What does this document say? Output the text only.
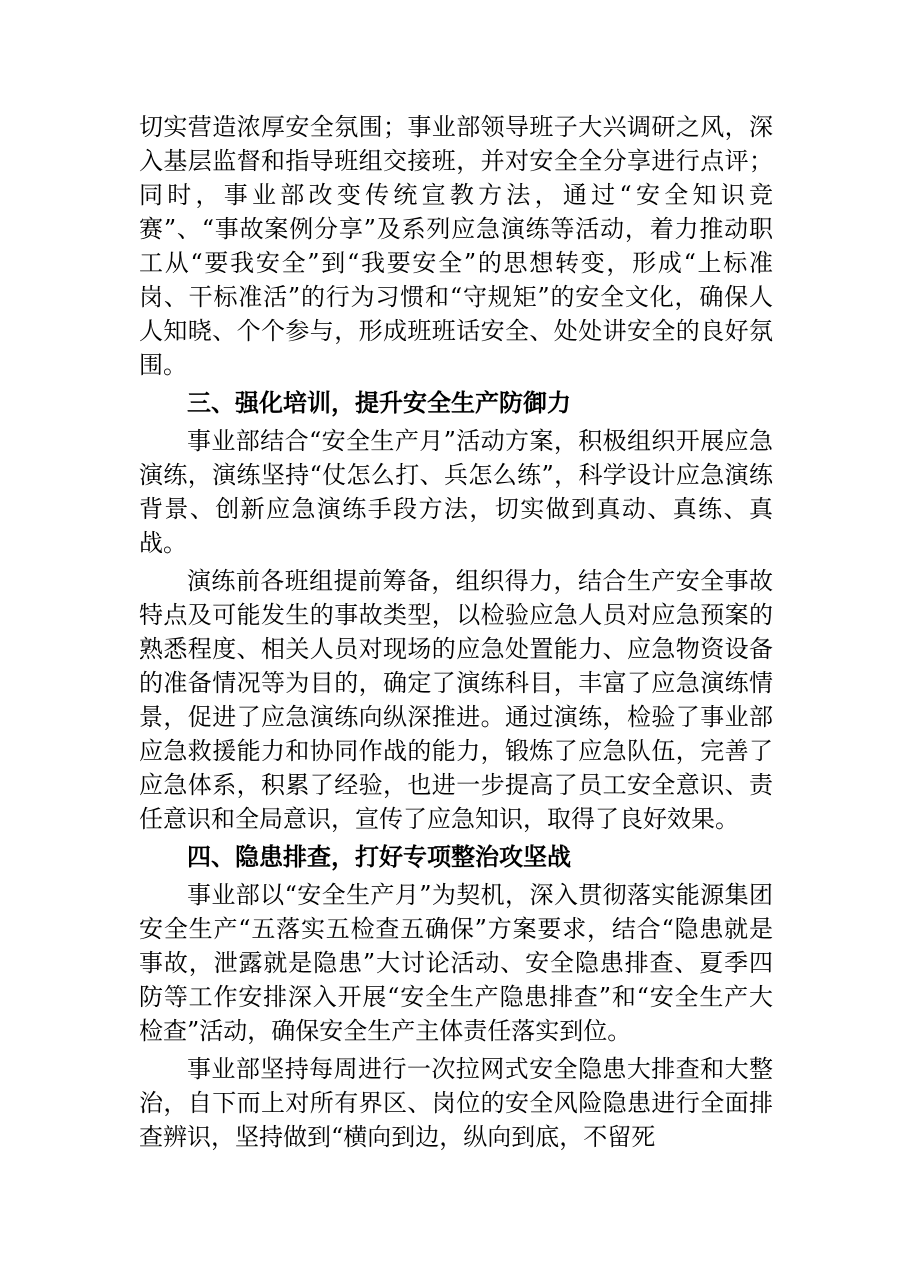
切实营造浓厚安全氛围；事业部领导班子大兴调研之风，深入基层监督和指导班组交接班，并对安全全分享进行点评；同时，事业部改变传统宣教方法，通过“安全知识竞赛”、“事故案例分享”及系列应急演练等活动，着力推动职工从“要我安全”到“我要安全”的思想转变，形成“上标准岗、干标准活”的行为习惯和“守规矩”的安全文化，确保人人知晓、个个参与，形成班班话安全、处处讲安全的良好氛围。

三、强化培训，提升安全生产防御力

事业部结合“安全生产月”活动方案，积极组织开展应急演练，演练坚持“仗怎么打、兵怎么练”，科学设计应急演练背景、创新应急演练手段方法，切实做到真动、真练、真战。

演练前各班组提前筹备，组织得力，结合生产安全事故特点及可能发生的事故类型，以检验应急人员对应急预案的熟悉程度、相关人员对现场的应急处置能力、应急物资设备的准备情况等为目的，确定了演练科目，丰富了应急演练情景，促进了应急演练向纵深推进。通过演练，检验了事业部应急救援能力和协同作战的能力，锻炼了应急队伍，完善了应急体系，积累了经验，也进一步提高了员工安全意识、责任意识和全局意识，宣传了应急知识，取得了良好效果。

四、隐患排查，打好专项整治攻坚战

事业部以“安全生产月”为契机，深入贯彻落实能源集团安全生产“五落实五检查五确保”方案要求，结合“隐患就是事故，泄露就是隐患”大讨论活动、安全隐患排查、夏季四防等工作安排深入开展“安全生产隐患排查”和“安全生产大检查”活动，确保安全生产主体责任落实到位。

事业部坚持每周进行一次拉网式安全隐患大排查和大整治，自下而上对所有界区、岗位的安全风险隐患进行全面排查辨识，坚持做到“横向到边，纵向到底，不留死
